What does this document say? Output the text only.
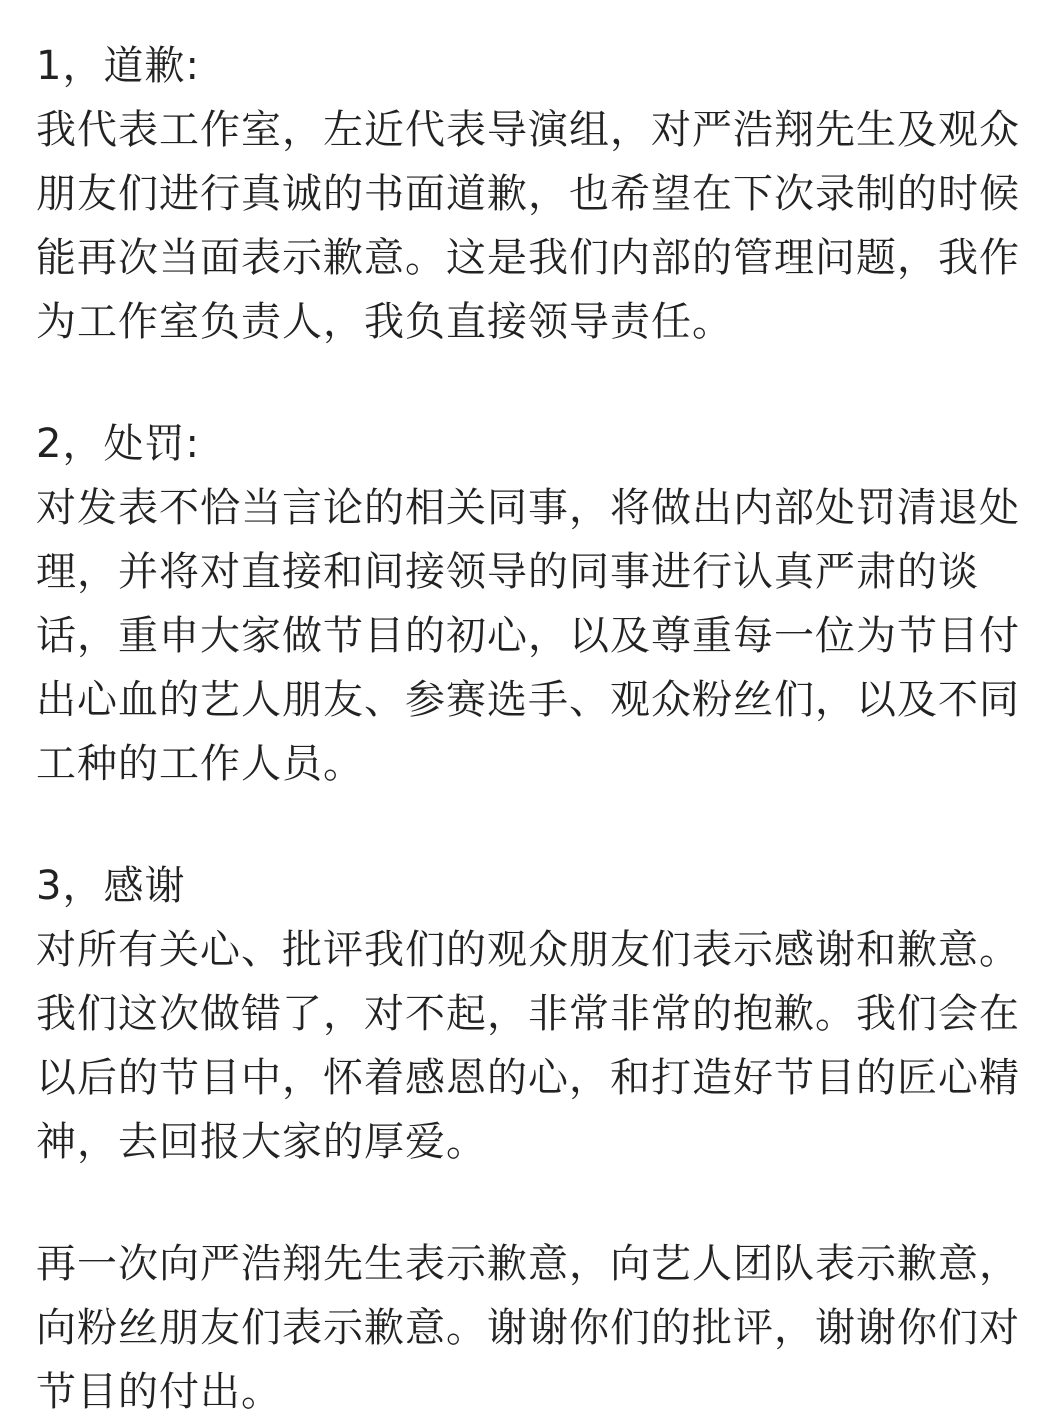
1，道歉:
我代表工作室，左近代表导演组，对严浩翔先生及观众
朋友们进行真诚的书面道歉，也希望在下次录制的时候
能再次当面表示歉意。这是我们内部的管理问题，我作
为工作室负责人，我负直接领导责任。
2，处罚:
对发表不恰当言论的相关同事，将做出内部处罚清退处
理，并将对直接和间接领导的同事进行认真严肃的谈
话，重申大家做节目的初心，以及尊重每一位为节目付
出心血的艺人朋友、参赛选手、观众粉丝们，以及不同
工种的工作人员。
3，感谢
对所有关心、批评我们的观众朋友们表示感谢和歉意。
我们这次做错了，对不起，非常非常的抱歉。我们会在
以后的节目中，怀着感恩的心，和打造好节目的匠心精
神，去回报大家的厚爱。
再一次向严浩翔先生表示歉意，向艺人团队表示歉意，
向粉丝朋友们表示歉意。谢谢你们的批评，谢谢你们对
节目的付出。
